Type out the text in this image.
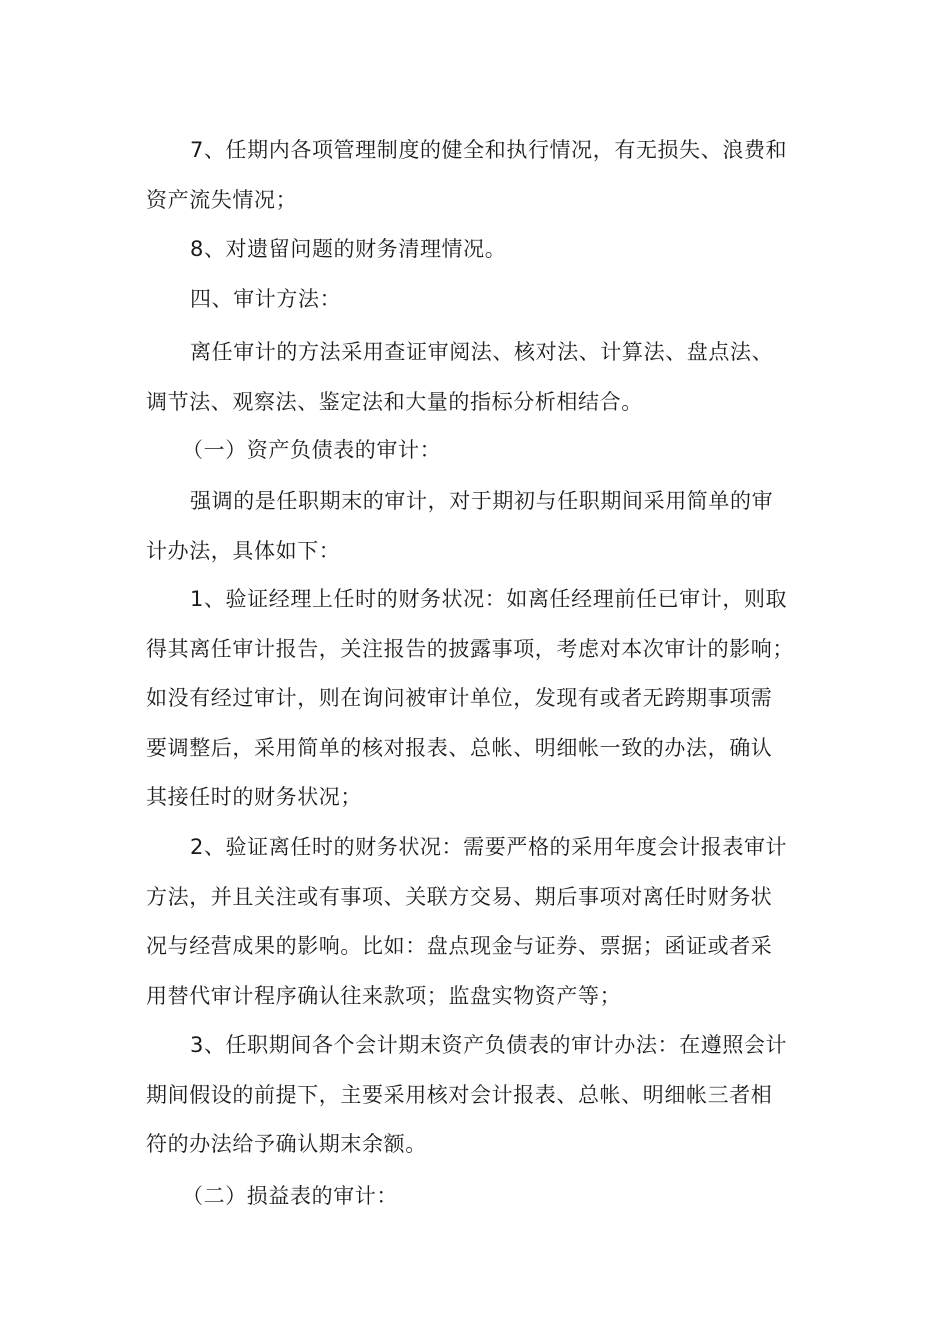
7、任期内各项管理制度的健全和执行情况，有无损失、浪费和
资产流失情况；

8、对遗留问题的财务清理情况。

四、审计方法：

离任审计的方法采用查证审阅法、核对法、计算法、盘点法、
调节法、观察法、鉴定法和大量的指标分析相结合。

（一）资产负债表的审计：

强调的是任职期末的审计，对于期初与任职期间采用简单的审
计办法，具体如下：

1、验证经理上任时的财务状况：如离任经理前任已审计，则取
得其离任审计报告，关注报告的披露事项，考虑对本次审计的影响；
如没有经过审计，则在询问被审计单位，发现有或者无跨期事项需
要调整后，采用简单的核对报表、总帐、明细帐一致的办法，确认
其接任时的财务状况；

2、验证离任时的财务状况：需要严格的采用年度会计报表审计
方法，并且关注或有事项、关联方交易、期后事项对离任时财务状
况与经营成果的影响。比如：盘点现金与证券、票据；函证或者采
用替代审计程序确认往来款项；监盘实物资产等；

3、任职期间各个会计期末资产负债表的审计办法：在遵照会计
期间假设的前提下，主要采用核对会计报表、总帐、明细帐三者相
符的办法给予确认期末余额。

（二）损益表的审计：
